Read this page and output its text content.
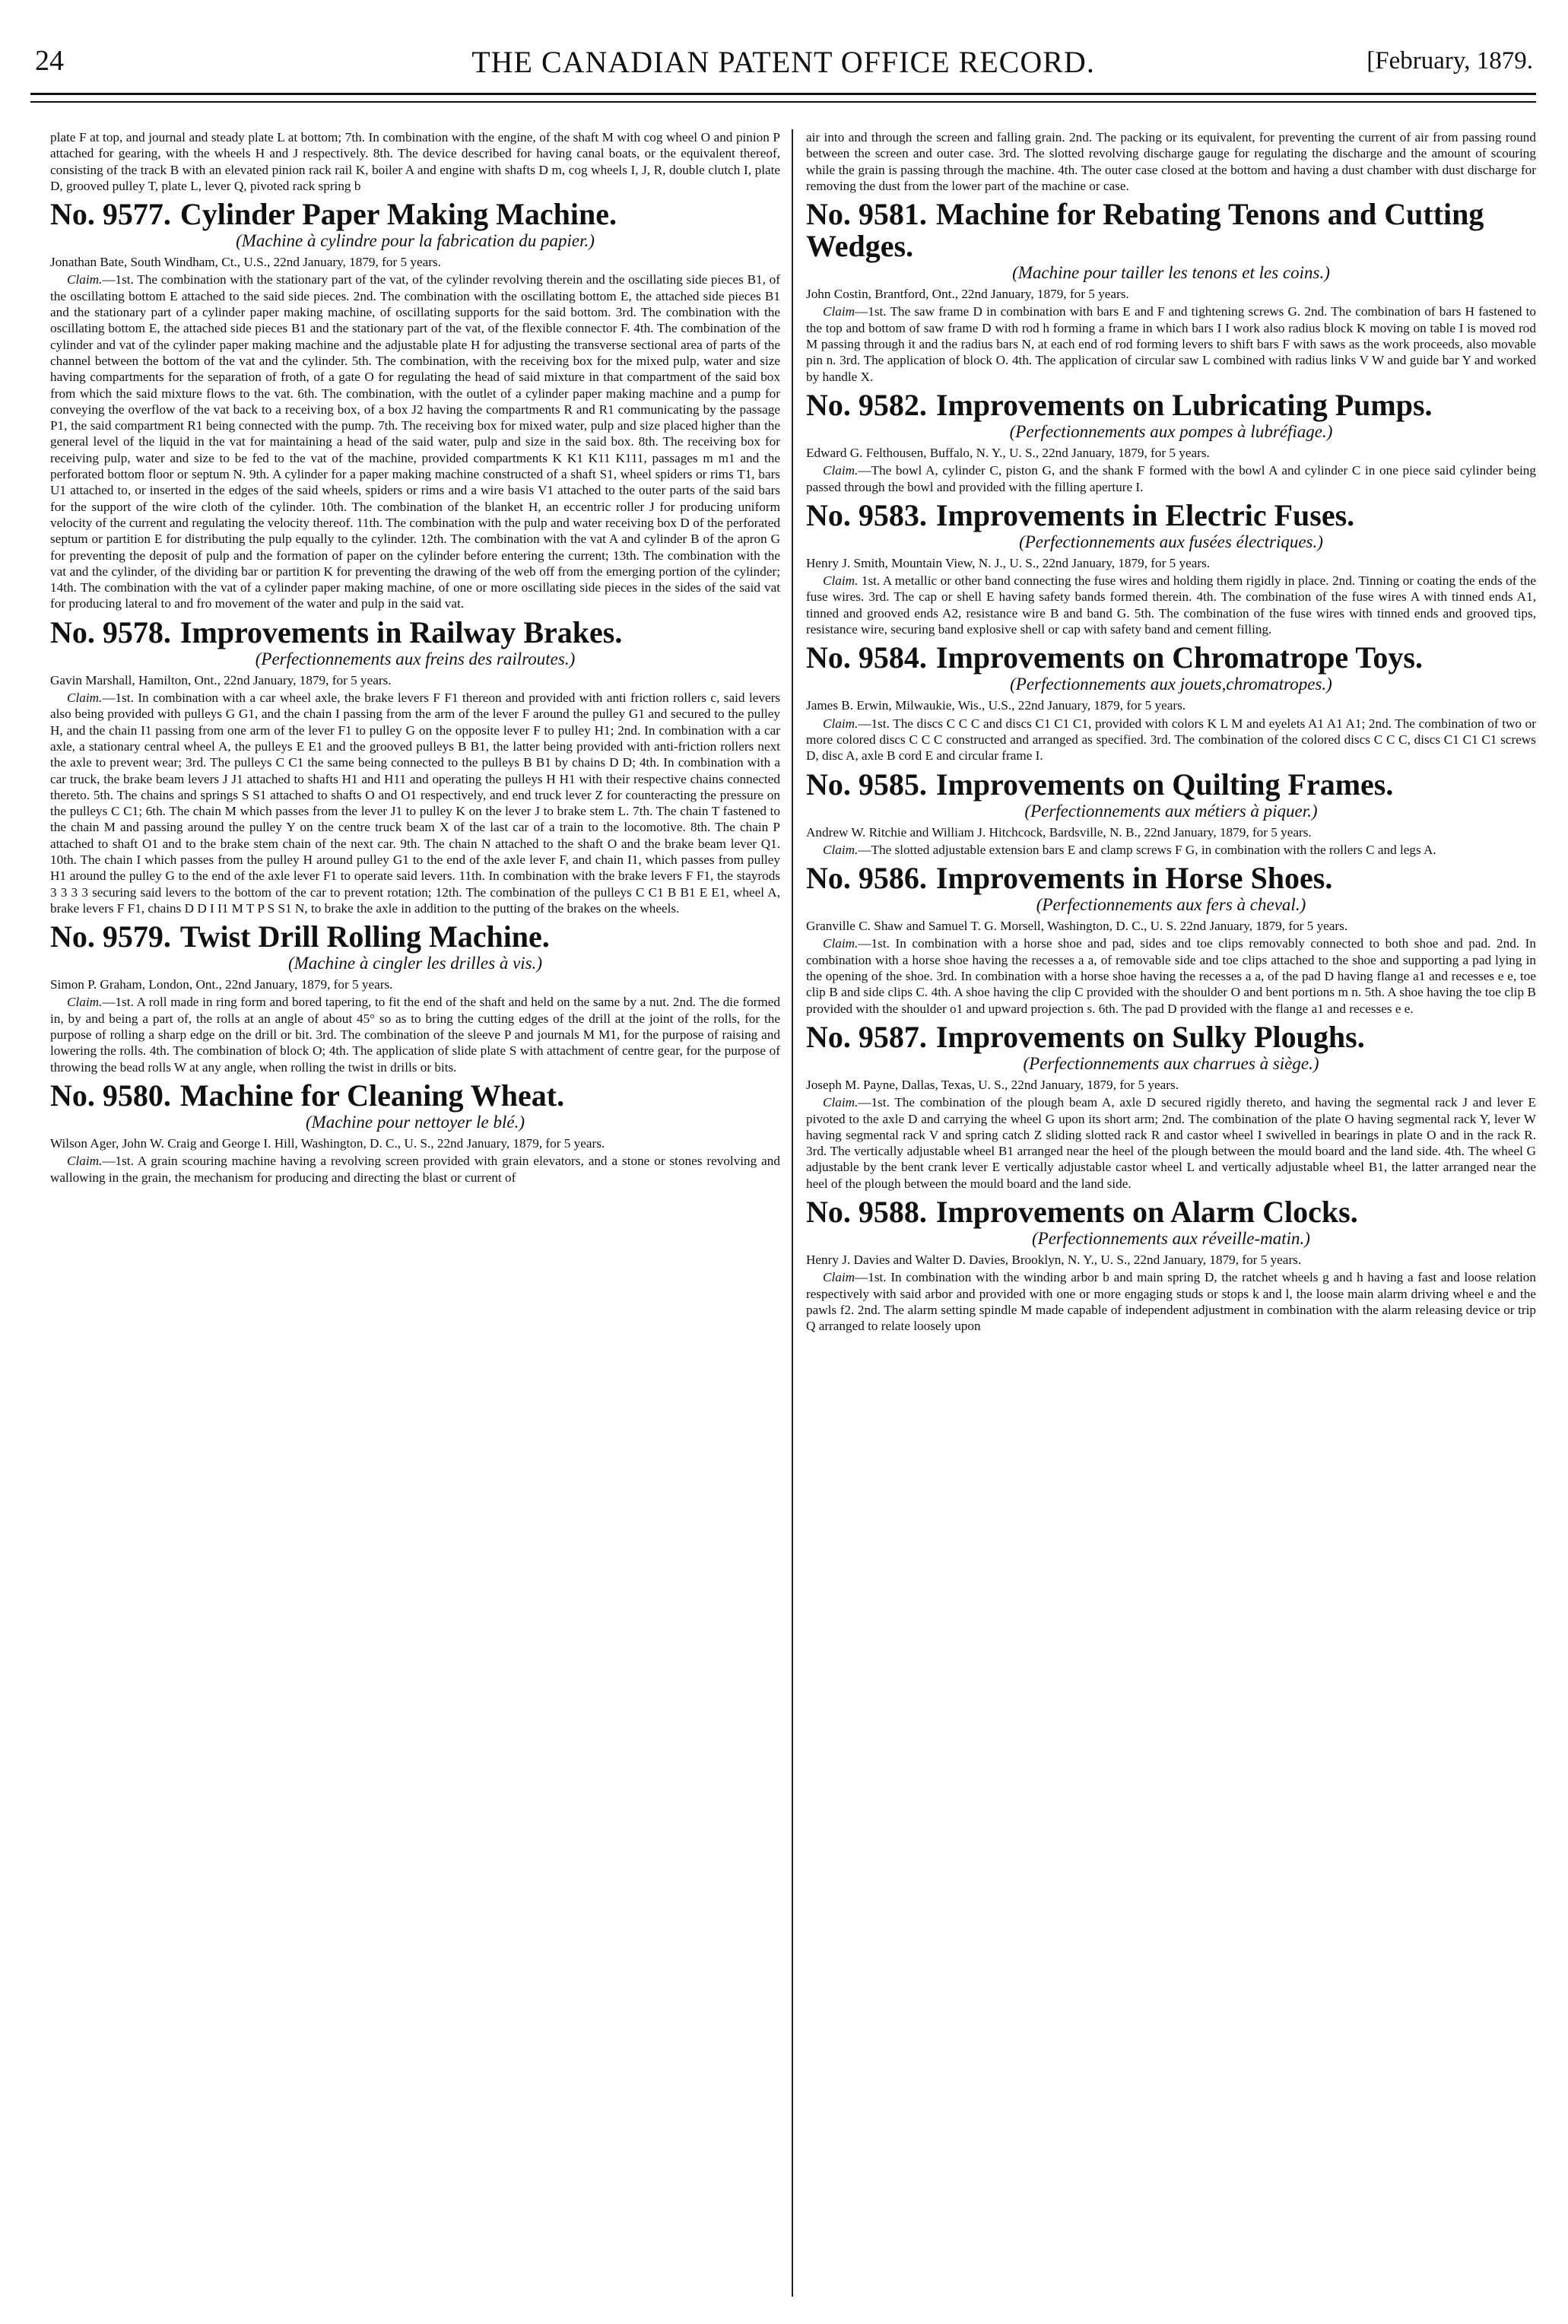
24	THE CANADIAN PATENT OFFICE RECORD.	[February, 1879.

plate F at top, and journal and steady plate L at bottom; 7th. In combination with the engine, of the shaft M with cog wheel O and pinion P attached for gearing, with the wheels H and J respectively. 8th. The device described for having canal boats, or the equivalent thereof, consisting of the track B with an elevated pinion rack rail K, boiler A and engine with shafts D m, cog wheels I, J, R, double clutch I, plate D, grooved pulley T, plate L, lever Q, pivoted rack spring b

No. 9577. Cylinder Paper Making Machine.

(Machine à cylindre pour la fabrication du papier.)

Jonathan Bate, South Windham, Ct., U.S., 22nd January, 1879, for 5 years.

Claim.—1st. The combination with the stationary part of the vat, of the cylinder revolving therein and the oscillating side pieces B1, of the oscillating bottom E attached to the said side pieces. 2nd. The combination with the oscillating bottom E, the attached side pieces B1 and the stationary part of a cylinder paper making machine, of oscillating supports for the said bottom. 3rd. The combination with the oscillating bottom E, the attached side pieces B1 and the stationary part of the vat, of the flexible connector F. 4th. The combination of the cylinder and vat of the cylinder paper making machine and the adjustable plate H for adjusting the transverse sectional area of parts of the channel between the bottom of the vat and the cylinder. 5th. The combination, with the receiving box for the mixed pulp, water and size having compartments for the separation of froth, of a gate O for regulating the head of said mixture in that compartment of the said box from which the said mixture flows to the vat. 6th. The combination, with the outlet of a cylinder paper making machine and a pump for conveying the overflow of the vat back to a receiving box, of a box J2 having the compartments R and R1 communicating by the passage P1, the said compartment R1 being connected with the pump. 7th. The receiving box for mixed water, pulp and size placed higher than the general level of the liquid in the vat for maintaining a head of the said water, pulp and size in the said box. 8th. The receiving box for receiving pulp, water and size to be fed to the vat of the machine, provided compartments K K1 K11 K111, passages m m1 and the perforated bottom floor or septum N. 9th. A cylinder for a paper making machine constructed of a shaft S1, wheel spiders or rims T1, bars U1 attached to, or inserted in the edges of the said wheels, spiders or rims and a wire basis V1 attached to the outer parts of the said bars for the support of the wire cloth of the cylinder. 10th. The combination of the blanket H, an eccentric roller J for producing uniform velocity of the current and regulating the velocity thereof. 11th. The combination with the pulp and water receiving box D of the perforated septum or partition E for distributing the pulp equally to the cylinder. 12th. The combination with the vat A and cylinder B of the apron G for preventing the deposit of pulp and the formation of paper on the cylinder before entering the current; 13th. The combination with the vat and the cylinder, of the dividing bar or partition K for preventing the drawing of the web off from the emerging portion of the cylinder; 14th. The combination with the vat of a cylinder paper making machine, of one or more oscillating side pieces in the sides of the said vat for producing lateral to and fro movement of the water and pulp in the said vat.

No. 9578. Improvements in Railway Brakes.

(Perfectionnements aux freins des railroutes.)

Gavin Marshall, Hamilton, Ont., 22nd January, 1879, for 5 years.

Claim.—1st. In combination with a car wheel axle, the brake levers F F1 thereon and provided with anti friction rollers c, said levers also being provided with pulleys G G1, and the chain I passing from the arm of the lever F around the pulley G1 and secured to the pulley H, and the chain I1 passing from one arm of the lever F1 to pulley G on the opposite lever F to pulley H1; 2nd. In combination with a car axle, a stationary central wheel A, the pulleys E E1 and the grooved pulleys B B1, the latter being provided with anti-friction rollers next the axle to prevent wear; 3rd. The pulleys C C1 the same being connected to the pulleys B B1 by chains D D; 4th. In combination with a car truck, the brake beam levers J J1 attached to shafts H1 and H11 and operating the pulleys H H1 with their respective chains connected thereto. 5th. The chains and springs S S1 attached to shafts O and O1 respectively, and end truck lever Z for counteracting the pressure on the pulleys C C1; 6th. The chain M which passes from the lever J1 to pulley K on the lever J to brake stem L. 7th. The chain T fastened to the chain M and passing around the pulley Y on the centre truck beam X of the last car of a train to the locomotive. 8th. The chain P attached to shaft O1 and to the brake stem chain of the next car. 9th. The chain N attached to the shaft O and the brake beam lever Q1. 10th. The chain I which passes from the pulley H around pulley G1 to the end of the axle lever F, and chain I1, which passes from pulley H1 around the pulley G to the end of the axle lever F1 to operate said levers. 11th. In combination with the brake levers F F1, the stayrods 3 3 3 3 securing said levers to the bottom of the car to prevent rotation; 12th. The combination of the pulleys C C1 B B1 E E1, wheel A, brake levers F F1, chains D D I I1 M T P S S1 N, to brake the axle in addition to the putting of the brakes on the wheels.

No. 9579. Twist Drill Rolling Machine.

(Machine à cingler les drilles à vis.)

Simon P. Graham, London, Ont., 22nd January, 1879, for 5 years.

Claim.—1st. A roll made in ring form and bored tapering, to fit the end of the shaft and held on the same by a nut. 2nd. The die formed in, by and being a part of, the rolls at an angle of about 45° so as to bring the cutting edges of the drill at the joint of the rolls, for the purpose of rolling a sharp edge on the drill or bit. 3rd. The combination of the sleeve P and journals M M1, for the purpose of raising and lowering the rolls. 4th. The combination of block O; 4th. The application of slide plate S with attachment of centre gear, for the purpose of throwing the bead rolls W at any angle, when rolling the twist in drills or bits.

No. 9580. Machine for Cleaning Wheat.

(Machine pour nettoyer le blé.)

Wilson Ager, John W. Craig and George I. Hill, Washington, D. C., U. S., 22nd January, 1879, for 5 years.

Claim.—1st. A grain scouring machine having a revolving screen provided with grain elevators, and a stone or stones revolving and wallowing in the grain, the mechanism for producing and directing the blast or current of

air into and through the screen and falling grain. 2nd. The packing or its equivalent, for preventing the current of air from passing round between the screen and outer case. 3rd. The slotted revolving discharge gauge for regulating the discharge and the amount of scouring while the grain is passing through the machine. 4th. The outer case closed at the bottom and having a dust chamber with dust discharge for removing the dust from the lower part of the machine or case.

No. 9581. Machine for Rebating Tenons and Cutting Wedges.

(Machine pour tailler les tenons et les coins.)

John Costin, Brantford, Ont., 22nd January, 1879, for 5 years.

Claim—1st. The saw frame D in combination with bars E and F and tightening screws G. 2nd. The combination of bars H fastened to the top and bottom of saw frame D with rod h forming a frame in which bars I I work also radius block K moving on table I is moved rod M passing through it and the radius bars N, at each end of rod forming levers to shift bars F with saws as the work proceeds, also movable pin n. 3rd. The application of block O. 4th. The application of circular saw L combined with radius links V W and guide bar Y and worked by handle X.

No. 9582. Improvements on Lubricating Pumps.

(Perfectionnements aux pompes à lubréfiage.)

Edward G. Felthousen, Buffalo, N. Y., U. S., 22nd January, 1879, for 5 years.

Claim.—The bowl A, cylinder C, piston G, and the shank F formed with the bowl A and cylinder C in one piece said cylinder being passed through the bowl and provided with the filling aperture I.

No. 9583. Improvements in Electric Fuses.

(Perfectionnements aux fusées électriques.)

Henry J. Smith, Mountain View, N. J., U. S., 22nd January, 1879, for 5 years.

Claim. 1st. A metallic or other band connecting the fuse wires and holding them rigidly in place. 2nd. Tinning or coating the ends of the fuse wires. 3rd. The cap or shell E having safety bands formed therein. 4th. The combination of the fuse wires A with tinned ends A1, tinned and grooved ends A2, resistance wire B and band G. 5th. The combination of the fuse wires with tinned ends and grooved tips, resistance wire, securing band explosive shell or cap with safety band and cement filling.

No. 9584. Improvements on Chromatrope Toys.

(Perfectionnements aux jouets,chromatropes.)

James B. Erwin, Milwaukie, Wis., U.S., 22nd January, 1879, for 5 years.

Claim.—1st. The discs C C C and discs C1 C1 C1, provided with colors K L M and eyelets A1 A1 A1; 2nd. The combination of two or more colored discs C C C constructed and arranged as specified. 3rd. The combination of the colored discs C C C, discs C1 C1 C1 screws D, disc A, axle B cord E and circular frame I.

No. 9585. Improvements on Quilting Frames.

(Perfectionnements aux métiers à piquer.)

Andrew W. Ritchie and William J. Hitchcock, Bardsville, N. B., 22nd January, 1879, for 5 years.

Claim.—The slotted adjustable extension bars E and clamp screws F G, in combination with the rollers C and legs A.

No. 9586. Improvements in Horse Shoes.

(Perfectionnements aux fers à cheval.)

Granville C. Shaw and Samuel T. G. Morsell, Washington, D. C., U. S. 22nd January, 1879, for 5 years.

Claim.—1st. In combination with a horse shoe and pad, sides and toe clips removably connected to both shoe and pad. 2nd. In combination with a horse shoe having the recesses a a, of removable side and toe clips attached to the shoe and supporting a pad lying in the opening of the shoe. 3rd. In combination with a horse shoe having the recesses a a, of the pad D having flange a1 and recesses e e, toe clip B and side clips C. 4th. A shoe having the clip C provided with the shoulder O and bent portions m n. 5th. A shoe having the toe clip B provided with the shoulder o1 and upward projection s. 6th. The pad D provided with the flange a1 and recesses e e.

No. 9587. Improvements on Sulky Ploughs.

(Perfectionnements aux charrues à siège.)

Joseph M. Payne, Dallas, Texas, U. S., 22nd January, 1879, for 5 years.

Claim.—1st. The combination of the plough beam A, axle D secured rigidly thereto, and having the segmental rack J and lever E pivoted to the axle D and carrying the wheel G upon its short arm; 2nd. The combination of the plate O having segmental rack Y, lever W having segmental rack V and spring catch Z sliding slotted rack R and castor wheel I swivelled in bearings in plate O and in the rack R. 3rd. The vertically adjustable wheel B1 arranged near the heel of the plough between the mould board and the land side. 4th. The wheel G adjustable by the bent crank lever E vertically adjustable castor wheel L and vertically adjustable wheel B1, the latter arranged near the heel of the plough between the mould board and the land side.

No. 9588. Improvements on Alarm Clocks.

(Perfectionnements aux réveille-matin.)

Henry J. Davies and Walter D. Davies, Brooklyn, N. Y., U. S., 22nd January, 1879, for 5 years.

Claim—1st. In combination with the winding arbor b and main spring D, the ratchet wheels g and h having a fast and loose relation respectively with said arbor and provided with one or more engaging studs or stops k and l, the loose main alarm driving wheel e and the pawls f2. 2nd. The alarm setting spindle M made capable of independent adjustment in combination with the alarm releasing device or trip Q arranged to relate loosely upon
